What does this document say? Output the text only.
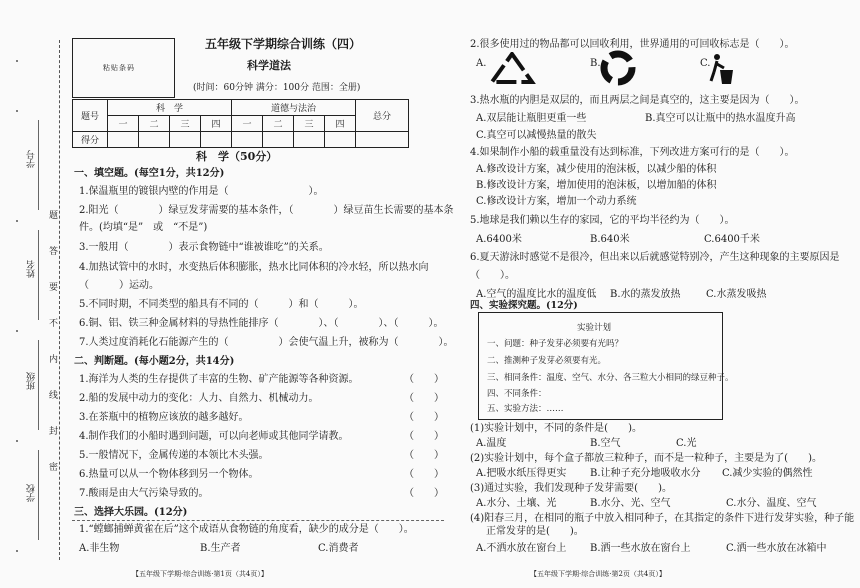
学号
姓名
班级
学校
题
答
要
不
内
线
封
密
粘贴条码
五年级下学期综合训练（四）
科学道法
(时间：60分钟 满分：100分 范围：全册)
题号	科　学				道德与法治				总分
	一	二	三	四	一	二	三	四	
得分									
科　学（50分）
一、填空题。(每空1分，共12分)
1.保温瓶里的镀银内壁的作用是（　　　　　　　　）。
2.阳光（　　　　）绿豆发芽需要的基本条件，（　　　　）绿豆苗生长需要的基本条
件。(均填“是”　或　“不是”)
3.一般用（　　　　）表示食物链中“谁被谁吃”的关系。
4.加热试管中的水时，水变热后体积膨胀，热水比同体积的冷水轻，所以热水向
（　　　）运动。
5.不同时期，不同类型的船具有不同的（　　　）和（　　　）。
6.铜、铝、铁三种金属材料的导热性能排序（　　　　）、（　　　　）、（　　　）。
7.人类过度消耗化石能源产生的（　　　　　）会使气温上升，被称为（　　　　）。
二、判断题。(每小题2分，共14分)
1.海洋为人类的生存提供了丰富的生物、矿产能源等各种资源。	（　　）
2.船的发展中动力的变化：人力、自然力、机械动力。	（　　）
3.在茶瓶中的植物应该放的越多越好。	（　　）
4.制作我们的小船时遇到问题，可以向老师或其他同学请教。	（　　）
5.一般情况下，金属传递的本领比木头强。	（　　）
6.热量可以从一个物体移到另一个物体。	（　　）
7.酸雨是由大气污染导致的。	（　　）
三、选择大乐园。(12分)
1.“螳螂捕蝉黄雀在后”这个成语从食物链的角度看，缺少的成分是（　　）。
A.非生物	B.生产者	C.消费者
【五年级下学期·综合训练·第1页（共4页）】
2.很多使用过的物品都可以回收利用，世界通用的可回收标志是（　　）。
A.	B.	C.
3.热水瓶的内胆是双层的，而且两层之间是真空的，这主要是因为（　　）。
A.双层能让瓶胆更重一些	B.真空可以让瓶中的热水温度升高
C.真空可以减慢热量的散失
4.如果制作小船的载重量没有达到标准，下列改进方案可行的是（　　）。
A.修改设计方案，减少使用的泡沫板，以减少船的体积
B.修改设计方案，增加使用的泡沫板，以增加船的体积
C.修改设计方案，增加一个动力系统
5.地球是我们赖以生存的家园，它的平均半径约为（　　）。
A.6400米	B.640米	C.6400千米
6.夏天游泳时感觉不是很冷，但出来以后就感觉特别冷，产生这种现象的主要原因是
（　　）。
A.空气的温度比水的温度低 B.水的蒸发放热	C.水蒸发吸热
四、实验探究题。(12分)
实验计划
一、问题：种子发芽必须要有光吗？
二、推测种子发芽必须要有光。
三、相同条件：温度、空气、水分、各三粒大小相同的绿豆种子。
四、不同条件：
五、实验方法：……
(1)实验计划中，不同的条件是(　　)。
A.温度	B.空气	C.光
(2)实验计划中，每个盒子都放三粒种子，而不是一粒种子，主要是为了(　　)。
A.把吸水纸压得更实 B.让种子充分地吸收水分 C.减少实验的偶然性
(3)通过实验，我们发现种子发芽需要(　　)。
A.水分、土壤、光	B.水分、光、空气	C.水分、温度、空气
(4)阳春三月，在相同的瓶子中放入相同种子，在其指定的条件下进行发芽实验，种子能
正常发芽的是(　　)。
A.不洒水放在窗台上 B.洒一些水放在窗台上	C.洒一些水放在冰箱中
【五年级下学期·综合训练·第2页（共4页）】
